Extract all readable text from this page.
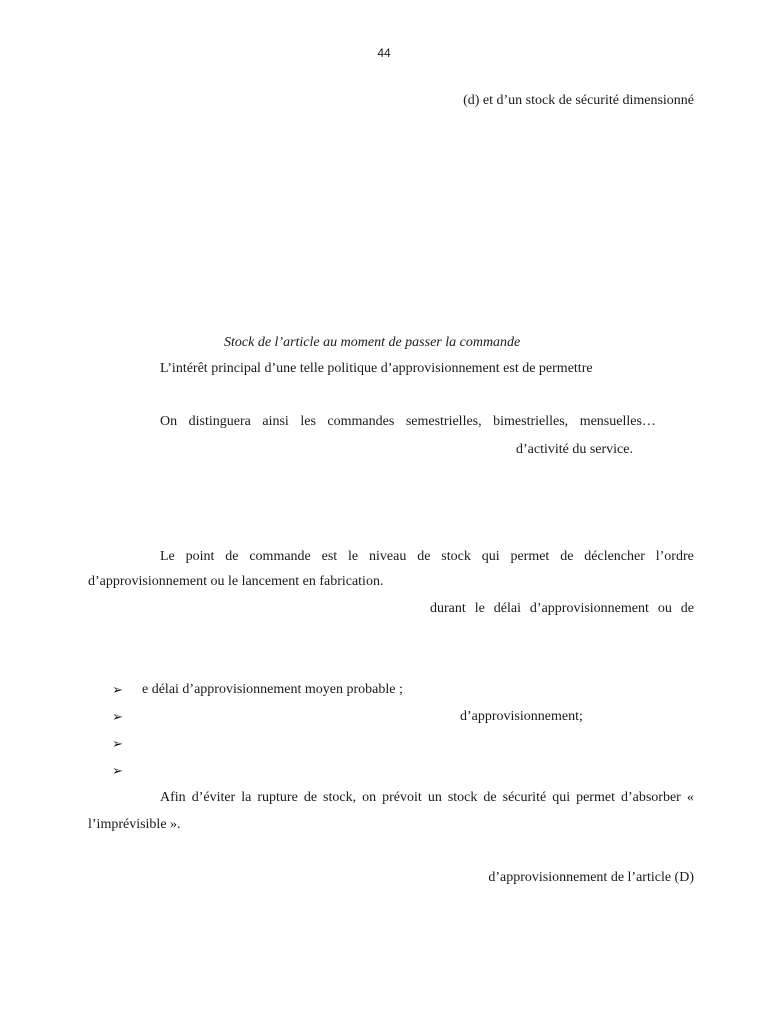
44
(d) et d’un stock de sécurité dimensionné
Stock de l’article au moment de passer la commande
L’intérêt principal d’une telle politique d’approvisionnement est de permettre
On distinguera ainsi les commandes semestrielles, bimestrielles, mensuelles…
d’activité du service.
Le point de commande est le niveau de stock qui permet de déclencher l’ordre
d’approvisionnement ou le lancement en fabrication.
durant le délai d’approvisionnement ou de
➢ e délai d’approvisionnement moyen probable ;
➢	d’approvisionnement;
➢
➢
Afin d’éviter la rupture de stock, on prévoit un stock de sécurité qui permet d’absorber «
l’imprévisible ».
d’approvisionnement de l’article (D)
